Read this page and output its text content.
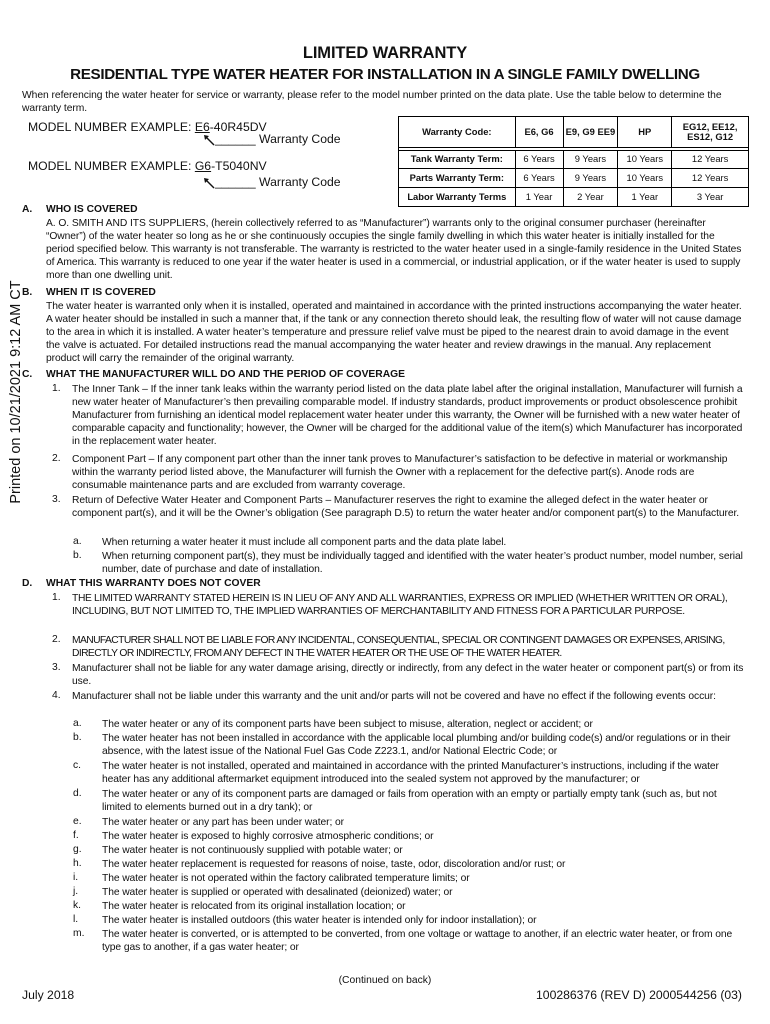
Printed on 10/21/2021 9:12 AM CT
LIMITED WARRANTY
RESIDENTIAL TYPE WATER HEATER FOR INSTALLATION IN A SINGLE FAMILY DWELLING
When referencing the water heater for service or warranty, please refer to the model number printed on the data plate. Use the table below to determine the warranty term.
MODEL NUMBER EXAMPLE: E6-40R45DV
______ Warranty Code
MODEL NUMBER EXAMPLE: G6-T5040NV
______ Warranty Code
Warranty Code:	E6, G6	E9, G9 EE9	HP	EG12, EE12, ES12, G12

Tank Warranty Term:	6 Years	9 Years	10 Years	12 Years
Parts Warranty Term:	6 Years	9 Years	10 Years	12 Years
Labor Warranty Terms	1 Year	2 Year	1 Year	3 Year
A. WHO IS COVERED
A. O. SMITH AND ITS SUPPLIERS, (herein collectively referred to as “Manufacturer”) warrants only to the original consumer purchaser (hereinafter “Owner”) of the water heater so long as he or she continuously occupies the single family dwelling in which this water heater is initially installed for the period specified below. This warranty is not transferable. The warranty is restricted to the water heater used in a single-family residence in the United States of America. This warranty is reduced to one year if the water heater is used in a commercial, or industrial application, or if the water heater is used to supply more than one dwelling unit.
B. WHEN IT IS COVERED
The water heater is warranted only when it is installed, operated and maintained in accordance with the printed instructions accompanying the water heater. A water heater should be installed in such a manner that, if the tank or any connection thereto should leak, the resulting flow of water will not cause damage to the area in which it is installed. A water heater’s temperature and pressure relief valve must be piped to the nearest drain to avoid damage in the event the valve is actuated. For detailed instructions read the manual accompanying the water heater and review drawings in the manual. Any replacement product will carry the remainder of the original warranty.
C. WHAT THE MANUFACTURER WILL DO AND THE PERIOD OF COVERAGE
1. The Inner Tank – If the inner tank leaks within the warranty period listed on the data plate label after the original installation, Manufacturer will furnish a new water heater of Manufacturer’s then prevailing comparable model. If industry standards, product improvements or product obsolescence prohibit Manufacturer from furnishing an identical model replacement water heater under this warranty, the Owner will be furnished with a new water heater of comparable capacity and functionality; however, the Owner will be charged for the additional value of the item(s) which Manufacturer has incorporated in the replacement water heater.
2. Component Part – If any component part other than the inner tank proves to Manufacturer’s satisfaction to be defective in material or workmanship within the warranty period listed above, the Manufacturer will furnish the Owner with a replacement for the defective part(s). Anode rods are consumable maintenance parts and are excluded from warranty coverage.
3. Return of Defective Water Heater and Component Parts – Manufacturer reserves the right to examine the alleged defect in the water heater or component part(s), and it will be the Owner’s obligation (See paragraph D.5) to return the water heater and/or component part(s) to the Manufacturer.
a. When returning a water heater it must include all component parts and the data plate label.
b. When returning component part(s), they must be individually tagged and identified with the water heater’s product number, model number, serial number, date of purchase and date of installation.
D. WHAT THIS WARRANTY DOES NOT COVER
1. THE LIMITED WARRANTY STATED HEREIN IS IN LIEU OF ANY AND ALL WARRANTIES, EXPRESS OR IMPLIED (WHETHER WRITTEN OR ORAL), INCLUDING, BUT NOT LIMITED TO, THE IMPLIED WARRANTIES OF MERCHANTABILITY AND FITNESS FOR A PARTICULAR PURPOSE.
2. MANUFACTURER SHALL NOT BE LIABLE FOR ANY INCIDENTAL, CONSEQUENTIAL, SPECIAL OR CONTINGENT DAMAGES OR EXPENSES, ARISING, DIRECTLY OR INDIRECTLY, FROM ANY DEFECT IN THE WATER HEATER OR THE USE OF THE WATER HEATER.
3. Manufacturer shall not be liable for any water damage arising, directly or indirectly, from any defect in the water heater or component part(s) or from its use.
4. Manufacturer shall not be liable under this warranty and the unit and/or parts will not be covered and have no effect if the following events occur:
a. The water heater or any of its component parts have been subject to misuse, alteration, neglect or accident; or
b. The water heater has not been installed in accordance with the applicable local plumbing and/or building code(s) and/or regulations or in their absence, with the latest issue of the National Fuel Gas Code Z223.1, and/or National Electric Code; or
c. The water heater is not installed, operated and maintained in accordance with the printed Manufacturer’s instructions, including if the water heater has any additional aftermarket equipment introduced into the sealed system not approved by the manufacturer; or
d. The water heater or any of its component parts are damaged or fails from operation with an empty or partially empty tank (such as, but not limited to elements burned out in a dry tank); or
e. The water heater or any part has been under water; or
f. The water heater is exposed to highly corrosive atmospheric conditions; or
g. The water heater is not continuously supplied with potable water; or
h. The water heater replacement is requested for reasons of noise, taste, odor, discoloration and/or rust; or
i. The water heater is not operated within the factory calibrated temperature limits; or
j. The water heater is supplied or operated with desalinated (deionized) water; or
k. The water heater is relocated from its original installation location; or
l. The water heater is installed outdoors (this water heater is intended only for indoor installation); or
m. The water heater is converted, or is attempted to be converted, from one voltage or wattage to another, if an electric water heater, or from one type gas to another, if a gas water heater; or
(Continued on back)
July 2018	100286376 (REV D) 2000544256 (03)
